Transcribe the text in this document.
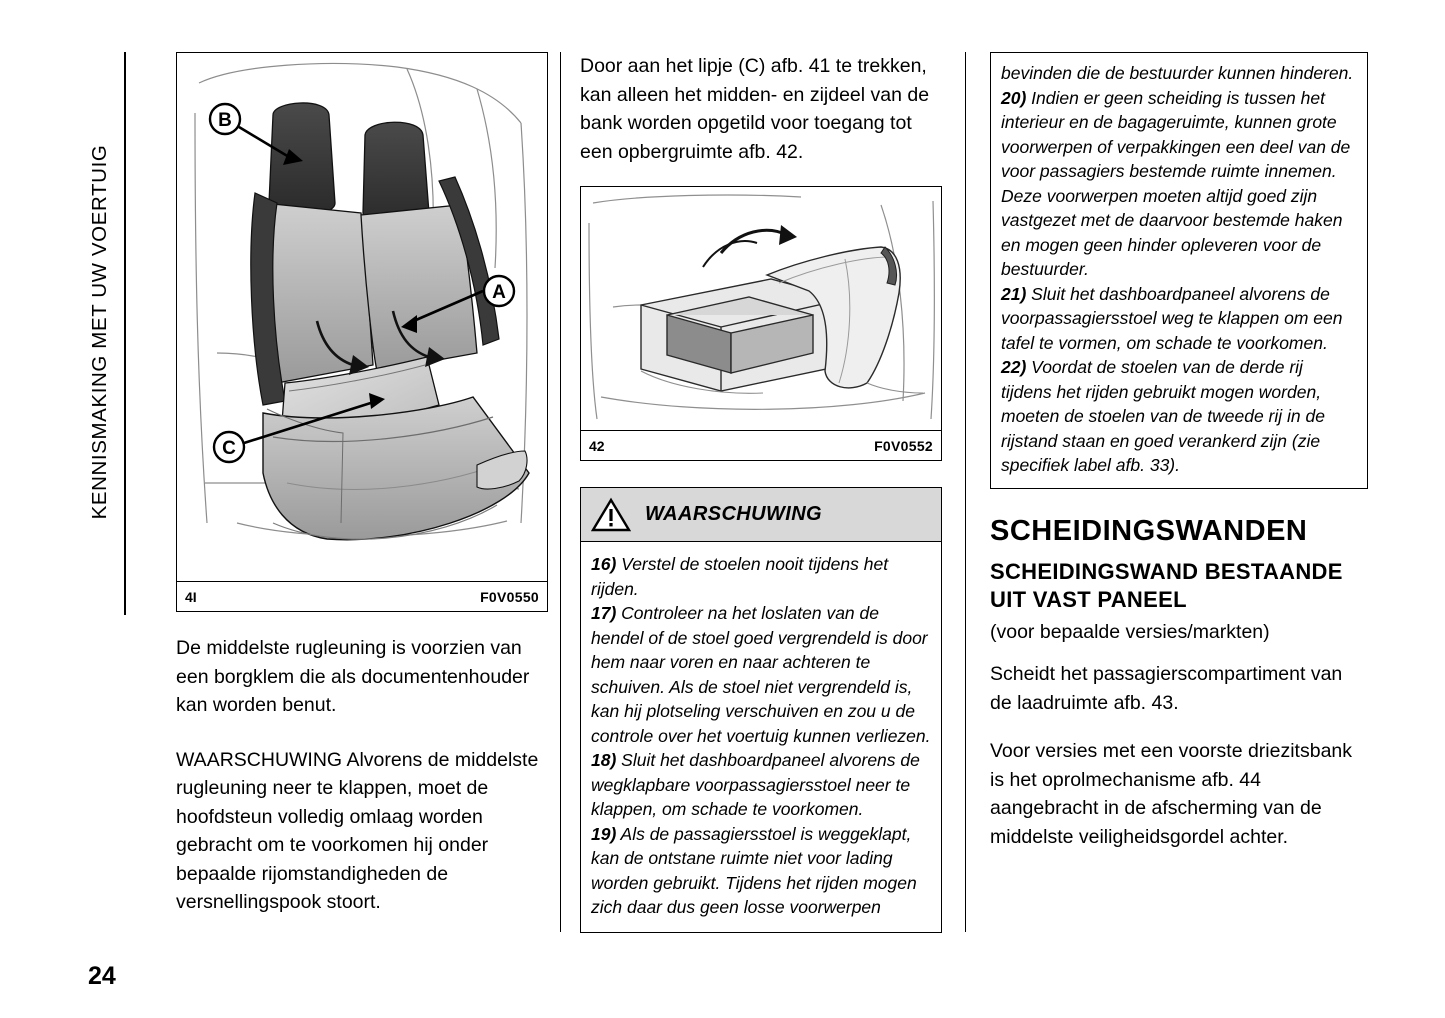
KENNISMAKING MET UW VOERTUIG
24
B
A
C
4I	F0V0550

De middelste rugleuning is voorzien van een borgklem die als documentenhouder kan worden benut.

WAARSCHUWING Alvorens de middelste rugleuning neer te klappen, moet de hoofdsteun volledig omlaag worden gebracht om te voorkomen hij onder bepaalde rijomstandigheden de versnellingspook stoort.

Door aan het lipje (C) afb. 41 te trekken, kan alleen het midden- en zijdeel van de bank worden opgetild voor toegang tot een opbergruimte afb. 42.

42	F0V0552
WAARSCHUWING

16) Verstel de stoelen nooit tijdens het rijden.

17) Controleer na het loslaten van de hendel of de stoel goed vergrendeld is door hem naar voren en naar achteren te schuiven. Als de stoel niet vergrendeld is, kan hij plotseling verschuiven en zou u de controle over het voertuig kunnen verliezen.

18) Sluit het dashboardpaneel alvorens de wegklapbare voorpassagiersstoel neer te klappen, om schade te voorkomen.

19) Als de passagiersstoel is weggeklapt, kan de ontstane ruimte niet voor lading worden gebruikt. Tijdens het rijden mogen zich daar dus geen losse voorwerpen

bevinden die de bestuurder kunnen hinderen.

20) Indien er geen scheiding is tussen het interieur en de bagageruimte, kunnen grote voorwerpen of verpakkingen een deel van de voor passagiers bestemde ruimte innemen. Deze voorwerpen moeten altijd goed zijn vastgezet met de daarvoor bestemde haken en mogen geen hinder opleveren voor de bestuurder.

21) Sluit het dashboardpaneel alvorens de voorpassagiersstoel weg te klappen om een tafel te vormen, om schade te voorkomen.

22) Voordat de stoelen van de derde rij tijdens het rijden gebruikt mogen worden, moeten de stoelen van de tweede rij in de rijstand staan en goed verankerd zijn (zie specifiek label afb. 33).

SCHEIDINGSWANDEN
SCHEIDINGSWAND BESTAANDE UIT VAST PANEEL

(voor bepaalde versies/markten)

Scheidt het passagierscompartiment van de laadruimte afb. 43.

Voor versies met een voorste driezitsbank is het oprolmechanisme afb. 44 aangebracht in de afscherming van de middelste veiligheidsgordel achter.
